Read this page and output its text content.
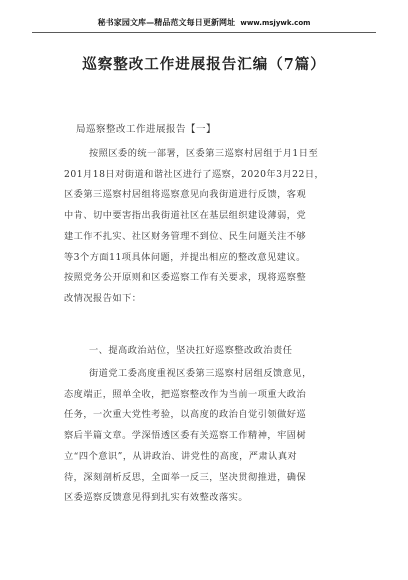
秘书家园文库—精品范文每日更新网址 www.msjywk.com
巡察整改工作进展报告汇编（7篇）
局巡察整改工作进展报告【一】
按照区委的统一部署，区委第三巡察村居组于月1日至
201月18日对街道和谐社区进行了巡察，2020年3月22日，
区委第三巡察村居组将巡察意见向我街道进行反馈，客观
中肯、切中要害指出我街道社区在基层组织建设薄弱，党
建工作不扎实、社区财务管理不到位、民生问题关注不够
等3个方面11项具体问题，并提出相应的整改意见建议。
按照党务公开原则和区委巡察工作有关要求，现将巡察整
改情况报告如下：
一、提高政治站位，坚决扛好巡察整改政治责任
街道党工委高度重视区委第三巡察村居组反馈意见，
态度端正，照单全收，把巡察整改作为当前一项重大政治
任务，一次重大党性考验，以高度的政治自觉引领做好巡
察后半篇文章。学深悟透区委有关巡察工作精神，牢固树
立“四个意识”，从讲政治、讲党性的高度，严肃认真对
待，深刻剖析反思，全面举一反三，坚决贯彻推进，确保
区委巡察反馈意见得到扎实有效整改落实。
